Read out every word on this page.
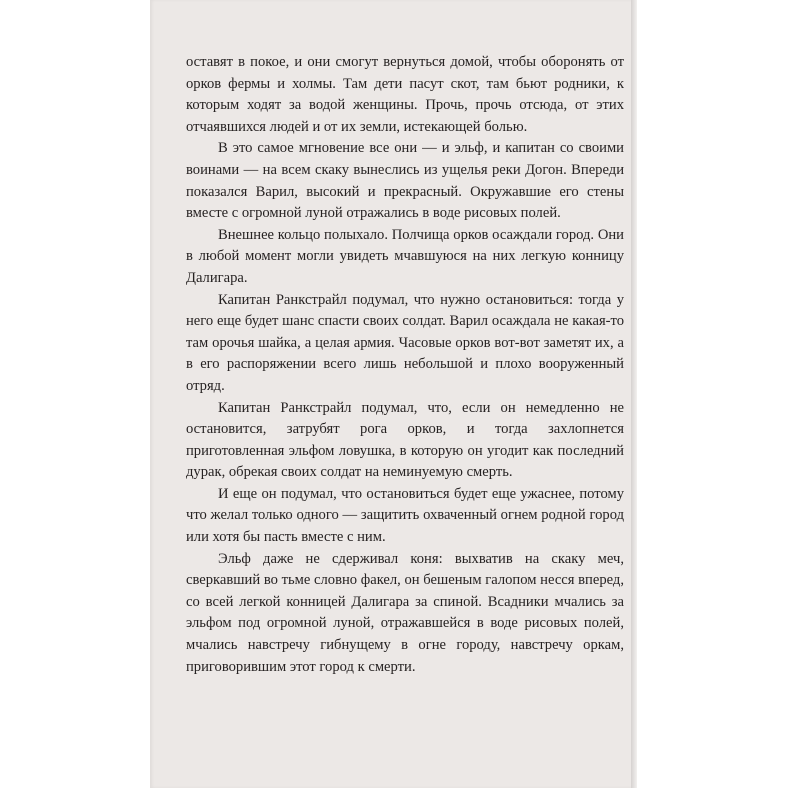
оставят в покое, и они смогут вернуться домой, чтобы оборонять от орков фермы и холмы. Там дети пасут скот, там бьют родники, к которым ходят за водой женщины. Прочь, прочь отсюда, от этих отчаявшихся людей и от их земли, истекающей болью.

В это самое мгновение все они — и эльф, и капитан со своими воинами — на всем скаку вынеслись из ущелья реки Догон. Впереди показался Варил, высокий и прекрасный. Окружавшие его стены вместе с огромной луной отражались в воде рисовых полей.

Внешнее кольцо полыхало. Полчища орков осаждали город. Они в любой момент могли увидеть мчавшуюся на них легкую конницу Далигара.

Капитан Ранкстрайл подумал, что нужно остановиться: тогда у него еще будет шанс спасти своих солдат. Варил осаждала не какая-то там орочья шайка, а целая армия. Часовые орков вот-вот заметят их, а в его распоряжении всего лишь небольшой и плохо вооруженный отряд.

Капитан Ранкстрайл подумал, что, если он немедленно не остановится, затрубят рога орков, и тогда захлопнется приготовленная эльфом ловушка, в которую он угодит как последний дурак, обрекая своих солдат на неминуемую смерть.

И еще он подумал, что остановиться будет еще ужаснее, потому что желал только одного — защитить охваченный огнем родной город или хотя бы пасть вместе с ним.

Эльф даже не сдерживал коня: выхватив на скаку меч, сверкавший во тьме словно факел, он бешеным галопом несся вперед, со всей легкой конницей Далигара за спиной. Всадники мчались за эльфом под огромной луной, отражавшейся в воде рисовых полей, мчались навстречу гибнущему в огне городу, навстречу оркам, приговорившим этот город к смерти.
